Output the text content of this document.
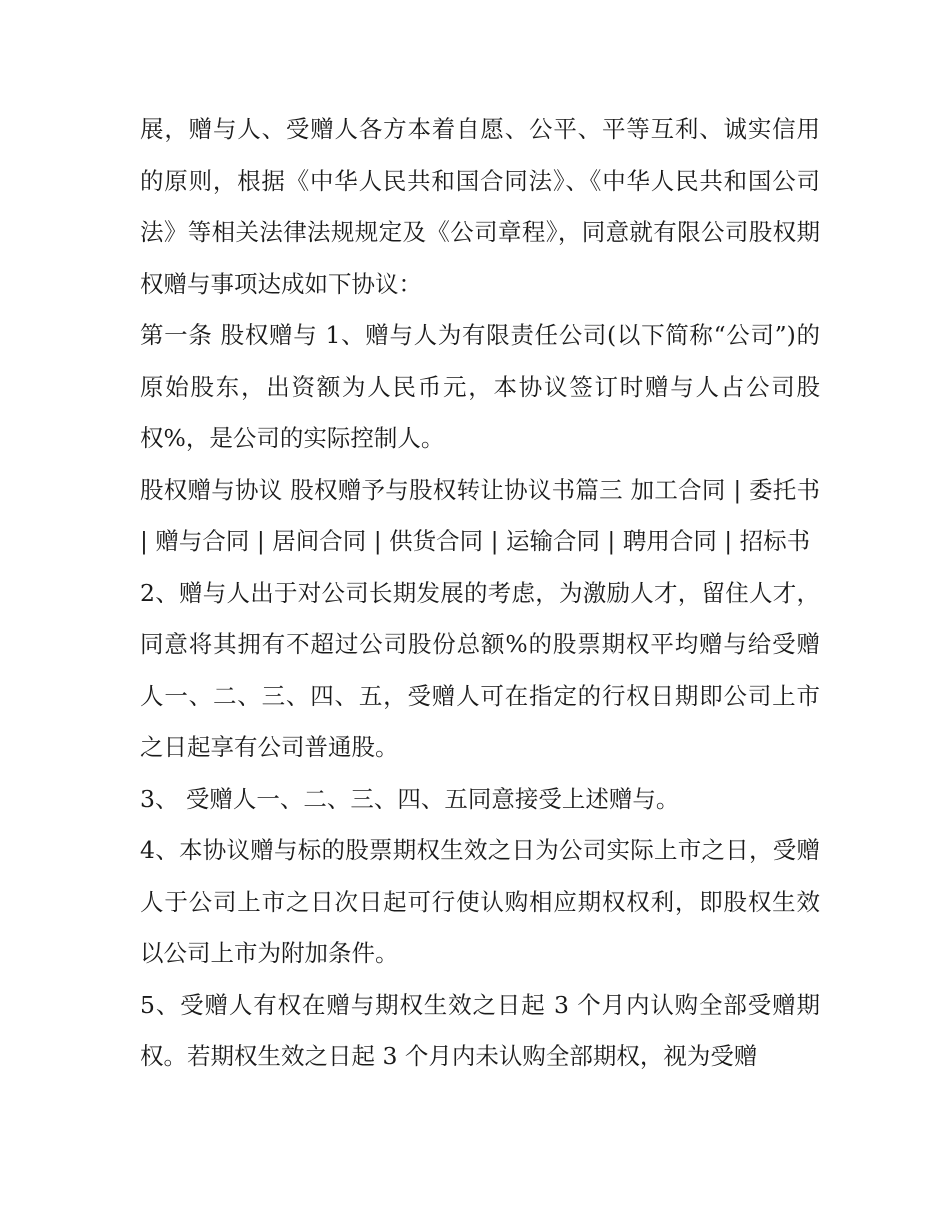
展，赠与人、受赠人各方本着自愿、公平、平等互利、诚实信用的原则，根据《中华人民共和国合同法》、《中华人民共和国公司法》等相关法律法规规定及《公司章程》，同意就有限公司股权期权赠与事项达成如下协议：

第一条 股权赠与 1、赠与人为有限责任公司(以下简称“公司”)的原始股东，出资额为人民币元，本协议签订时赠与人占公司股权%，是公司的实际控制人。

股权赠与协议 股权赠予与股权转让协议书篇三 加工合同 | 委托书 | 赠与合同 | 居间合同 | 供货合同 | 运输合同 | 聘用合同 | 招标书

2、赠与人出于对公司长期发展的考虑，为激励人才，留住人才，同意将其拥有不超过公司股份总额%的股票期权平均赠与给受赠人一、二、三、四、五，受赠人可在指定的行权日期即公司上市之日起享有公司普通股。

3、 受赠人一、二、三、四、五同意接受上述赠与。

4、本协议赠与标的股票期权生效之日为公司实际上市之日，受赠人于公司上市之日次日起可行使认购相应期权权利，即股权生效以公司上市为附加条件。

5、受赠人有权在赠与期权生效之日起 3 个月内认购全部受赠期权。若期权生效之日起 3 个月内未认购全部期权，视为受赠
